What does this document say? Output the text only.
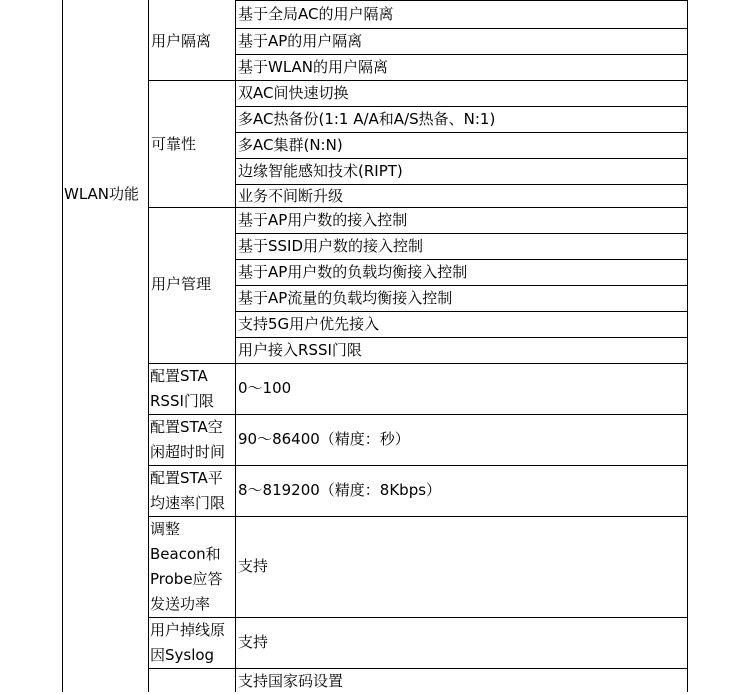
WLAN功能
用户隔离
可靠性
用户管理
基于全局AC的用户隔离
基于AP的用户隔离
基于WLAN的用户隔离
双AC间快速切换
多AC热备份(1:1 A/A和A/S热备、N:1)
多AC集群(N:N)
边缘智能感知技术(RIPT)
业务不间断升级
基于AP用户数的接入控制
基于SSID用户数的接入控制
基于AP用户数的负载均衡接入控制
基于AP流量的负载均衡接入控制
支持5G用户优先接入
用户接入RSSI门限
配置STA
RSSI门限
0～100
配置STA空
闲超时时间
90～86400（精度：秒）
配置STA平
均速率门限
8～819200（精度：8Kbps）
调整
Beacon和
Probe应答
发送功率
支持
用户掉线原
因Syslog
支持
支持国家码设置
